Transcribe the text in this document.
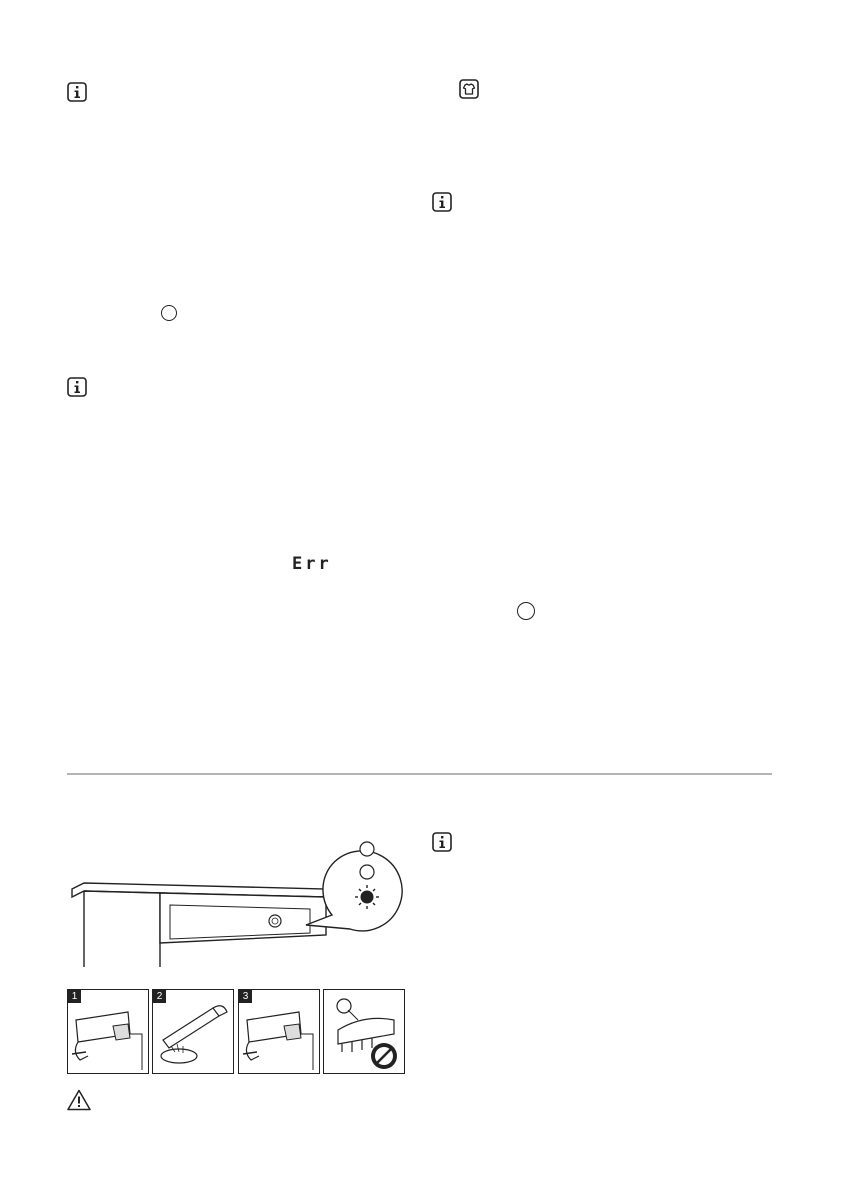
Err
1	2	3
